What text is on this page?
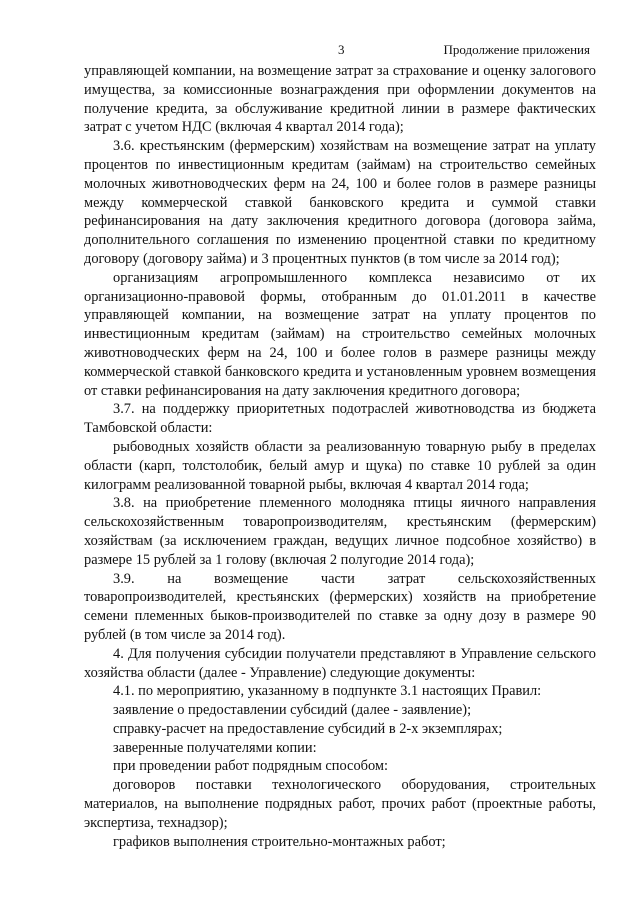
3	Продолжение приложения

управляющей компании, на возмещение затрат за страхование и оценку залогового имущества, за комиссионные вознаграждения при оформлении документов на получение кредита, за обслуживание кредитной линии в размере фактических затрат с учетом НДС (включая 4 квартал 2014 года);

3.6. крестьянским (фермерским) хозяйствам на возмещение затрат на уплату процентов по инвестиционным кредитам (займам) на строительство семейных молочных животноводческих ферм на 24, 100 и более голов в размере разницы между коммерческой ставкой банковского кредита и суммой ставки рефинансирования на дату заключения кредитного договора (договора займа, дополнительного соглашения по изменению процентной ставки по кредитному договору (договору займа) и 3 процентных пунктов (в том числе за 2014 год);

организациям агропромышленного комплекса независимо от их организационно-правовой формы, отобранным до 01.01.2011 в качестве управляющей компании, на возмещение затрат на уплату процентов по инвестиционным кредитам (займам) на строительство семейных молочных животноводческих ферм на 24, 100 и более голов в размере разницы между коммерческой ставкой банковского кредита и установленным уровнем возмещения от ставки рефинансирования на дату заключения кредитного договора;

3.7. на поддержку приоритетных подотраслей животноводства из бюджета Тамбовской области:

рыбоводных хозяйств области за реализованную товарную рыбу в пределах области (карп, толстолобик, белый амур и щука) по ставке 10 рублей за один килограмм реализованной товарной рыбы, включая 4 квартал 2014 года;

3.8. на приобретение племенного молодняка птицы яичного направления сельскохозяйственным товаропроизводителям, крестьянским (фермерским) хозяйствам (за исключением граждан, ведущих личное подсобное хозяйство) в размере 15 рублей за 1 голову (включая 2 полугодие 2014 года);

3.9. на возмещение части затрат сельскохозяйственных товаропроизводителей, крестьянских (фермерских) хозяйств на приобретение семени племенных быков-производителей по ставке за одну дозу в размере 90 рублей (в том числе за 2014 год).

4. Для получения субсидии получатели представляют в Управление сельского хозяйства области (далее - Управление) следующие документы:

4.1. по мероприятию, указанному в подпункте 3.1 настоящих Правил:

заявление о предоставлении субсидий (далее - заявление);

справку-расчет на предоставление субсидий в 2-х экземплярах;

заверенные получателями копии:

при проведении работ подрядным способом:

договоров поставки технологического оборудования, строительных материалов, на выполнение подрядных работ, прочих работ (проектные работы, экспертиза, технадзор);

графиков выполнения строительно-монтажных работ;
